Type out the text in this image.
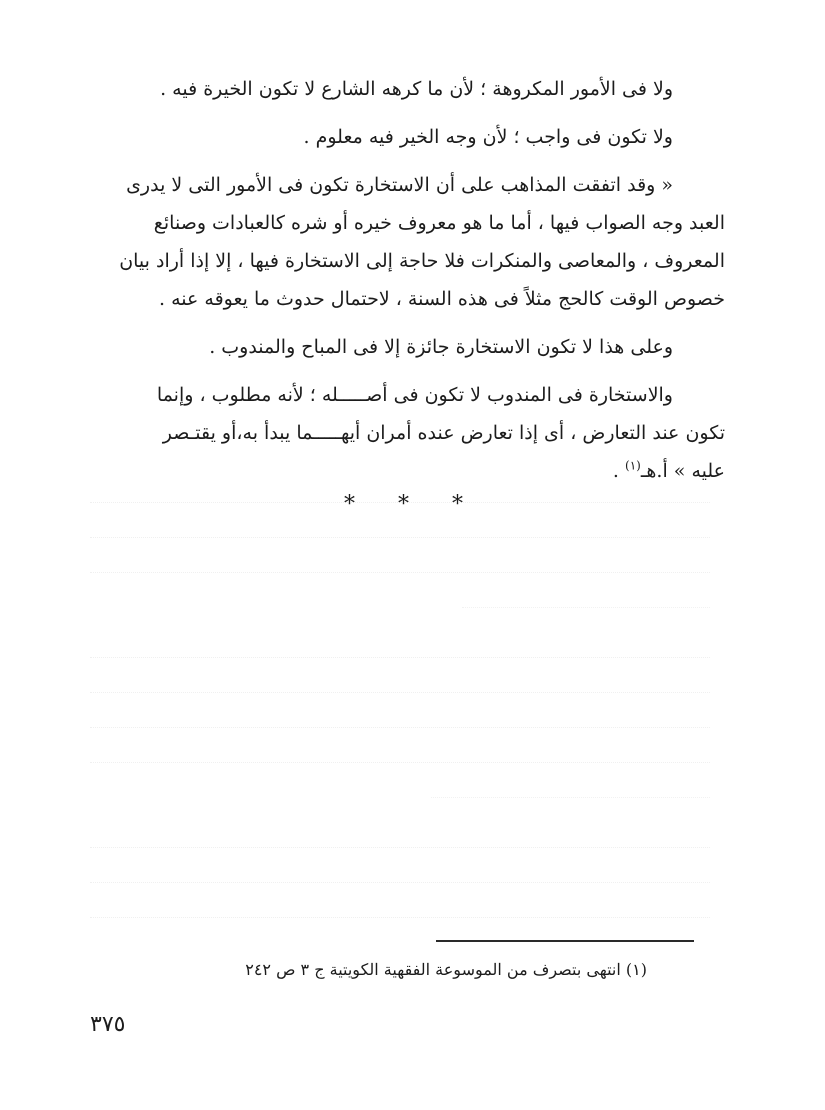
ولا فى الأمور المكروهة ؛ لأن ما كرهه الشارع لا تكون الخيرة فيه .

ولا تكون فى واجب ؛ لأن وجه الخير فيه معلوم .

« وقد اتفقت المذاهب على أن الاستخارة تكون فى الأمور التى لا يدرى
العبد وجه الصواب فيها ، أما ما هو معروف خيره أو شره كالعبادات وصنائع
المعروف ، والمعاصى والمنكرات فلا حاجة إلى الاستخارة فيها ، إلا إذا أراد بيان
خصوص الوقت كالحج مثلاً فى هذه السنة ، لاحتمال حدوث ما يعوقه عنه .

وعلى هذا لا تكون الاستخارة جائزة إلا فى المباح والمندوب .

والاستخارة فى المندوب لا تكون فى أصـــــله ؛ لأنه مطلوب ، وإنما
تكون عند التعارض ، أى إذا تعارض عنده أمران أيهـــــما يبدأ به،أو يقتـصر
عليه » أ.هـ$^{(١)}$ .

* * *
(١) انتهى بتصرف من الموسوعة الفقهية الكويتية ج ٣ ص ٢٤٢
٣٧٥
